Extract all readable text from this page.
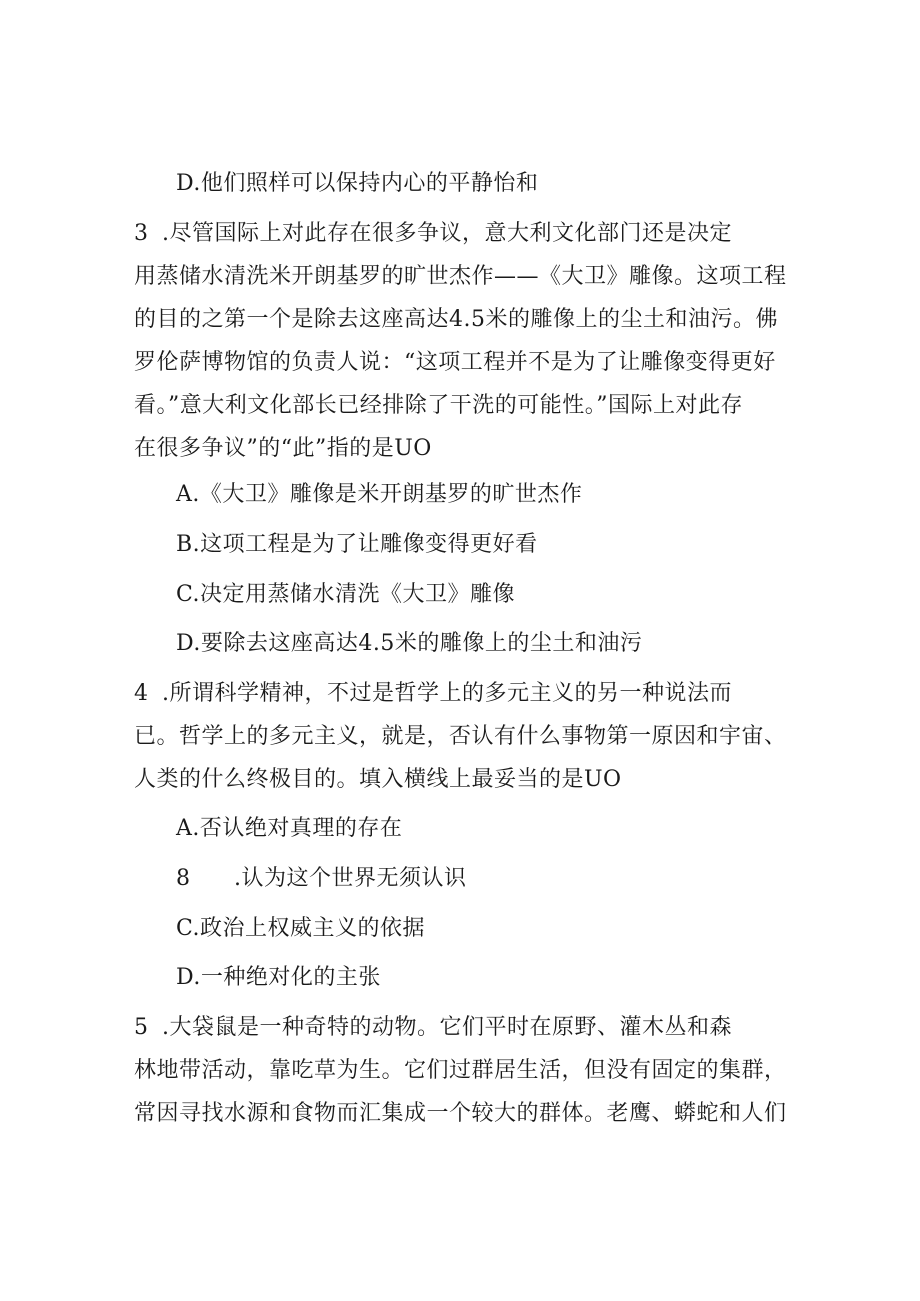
D.他们照样可以保持内心的平静怡和
3 .尽管国际上对此存在很多争议，意大利文化部门还是决定
用蒸储水清洗米开朗基罗的旷世杰作——《大卫》雕像。这项工程
的目的之第一个是除去这座高达4.5米的雕像上的尘土和油污。佛
罗伦萨博物馆的负责人说：“这项工程并不是为了让雕像变得更好
看。”意大利文化部长已经排除了干洗的可能性。”国际上对此存
在很多争议”的“此”指的是UO
A.《大卫》雕像是米开朗基罗的旷世杰作
B.这项工程是为了让雕像变得更好看
C.决定用蒸储水清洗《大卫》雕像
D.要除去这座高达4.5米的雕像上的尘土和油污
4 .所谓科学精神，不过是哲学上的多元主义的另一种说法而
已。哲学上的多元主义，就是，否认有什么事物第一原因和宇宙、
人类的什么终极目的。填入横线上最妥当的是UO
A.否认绝对真理的存在
8 .认为这个世界无须认识
C.政治上权威主义的依据
D.一种绝对化的主张
5 .大袋鼠是一种奇特的动物。它们平时在原野、灌木丛和森
林地带活动，靠吃草为生。它们过群居生活，但没有固定的集群，
常因寻找水源和食物而汇集成一个较大的群体。老鹰、蟒蛇和人们
